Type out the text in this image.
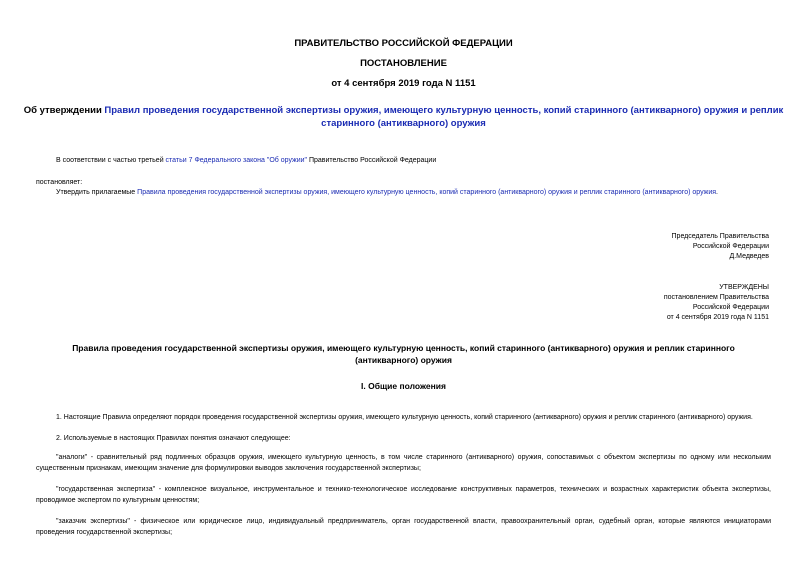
ПРАВИТЕЛЬСТВО РОССИЙСКОЙ ФЕДЕРАЦИИ
ПОСТАНОВЛЕНИЕ
от 4 сентября 2019 года N 1151
Об утверждении Правил проведения государственной экспертизы оружия, имеющего культурную ценность, копий старинного (антикварного) оружия и реплик
старинного (антикварного) оружия
В соответствии с частью третьей статьи 7 Федерального закона "Об оружии" Правительство Российской Федерации
постановляет:
Утвердить прилагаемые Правила проведения государственной экспертизы оружия, имеющего культурную ценность, копий старинного (антикварного) оружия и реплик старинного (антикварного) оружия.
Председатель Правительства
Российской Федерации
Д.Медведев
УТВЕРЖДЕНЫ
постановлением Правительства
Российской Федерации
от 4 сентября 2019 года N 1151
Правила проведения государственной экспертизы оружия, имеющего культурную ценность, копий старинного (антикварного) оружия и реплик старинного
(антикварного) оружия
I. Общие положения
1. Настоящие Правила определяют порядок проведения государственной экспертизы оружия, имеющего культурную ценность, копий старинного (антикварного) оружия и реплик старинного (антикварного) оружия.
2. Используемые в настоящих Правилах понятия означают следующее:
"аналоги" - сравнительный ряд подлинных образцов оружия, имеющего культурную ценность, в том числе старинного (антикварного) оружия, сопоставимых с объектом экспертизы по одному или нескольким существенным признакам, имеющим значение для формулировки выводов заключения государственной экспертизы;
"государственная экспертиза" - комплексное визуальное, инструментальное и технико-технологическое исследование конструктивных параметров, технических и возрастных характеристик объекта экспертизы, проводимое экспертом по культурным ценностям;
"заказчик экспертизы" - физическое или юридическое лицо, индивидуальный предприниматель, орган государственной власти, правоохранительный орган, судебный орган, которые являются инициаторами проведения государственной экспертизы;
